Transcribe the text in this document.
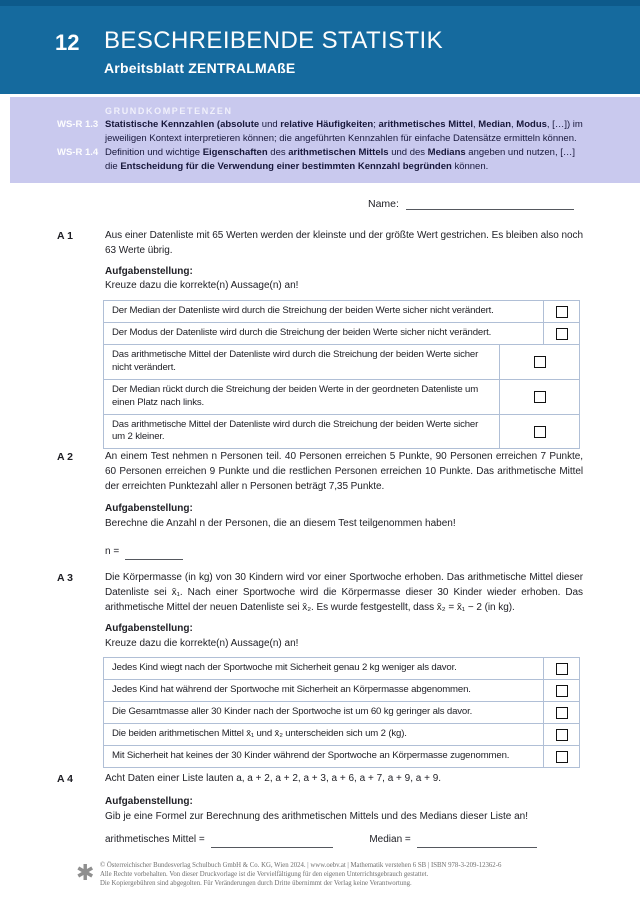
12 BESCHREIBENDE STATISTIK
Arbeitsblatt ZENTRALMAßE
GRUNDKOMPETENZEN
WS-R 1.3 Statistische Kennzahlen (absolute und relative Häufigkeiten; arithmetisches Mittel, Median, Modus, […]) im jeweiligen Kontext interpretieren können; die angeführten Kennzahlen für einfache Datensätze ermitteln können.
WS-R 1.4 Definition und wichtige Eigenschaften des arithmetischen Mittels und des Medians angeben und nutzen, […] die Entscheidung für die Verwendung einer bestimmten Kennzahl begründen können.
Name:
A 1	Aus einer Datenliste mit 65 Werten werden der kleinste und der größte Wert gestrichen. Es bleiben also noch 63 Werte übrig.
Aufgabenstellung:
Kreuze dazu die korrekte(n) Aussage(n) an!
Der Median der Datenliste wird durch die Streichung der beiden Werte sicher nicht verändert.
Der Modus der Datenliste wird durch die Streichung der beiden Werte sicher nicht verändert.
Das arithmetische Mittel der Datenliste wird durch die Streichung der beiden Werte sicher nicht verändert.
Der Median rückt durch die Streichung der beiden Werte in der geordneten Datenliste um einen Platz nach links.
Das arithmetische Mittel der Datenliste wird durch die Streichung der beiden Werte sicher um 2 kleiner.
A 2	An einem Test nehmen n Personen teil. 40 Personen erreichen 5 Punkte, 90 Personen erreichen 7 Punkte, 60 Personen erreichen 9 Punkte und die restlichen Personen erreichen 10 Punkte. Das arithmetische Mittel der erreichten Punktezahl aller n Personen beträgt 7,35 Punkte.
Aufgabenstellung:
Berechne die Anzahl n der Personen, die an diesem Test teilgenommen haben!
n =
A 3	Die Körpermasse (in kg) von 30 Kindern wird vor einer Sportwoche erhoben. Das arithmetische Mittel dieser Datenliste sei x̄₁. Nach einer Sportwoche wird die Körpermasse dieser 30 Kinder wieder erhoben. Das arithmetische Mittel der neuen Datenliste sei x̄₂. Es wurde festgestellt, dass x̄₂ = x̄₁ − 2 (in kg).
Aufgabenstellung:
Kreuze dazu die korrekte(n) Aussage(n) an!
Jedes Kind wiegt nach der Sportwoche mit Sicherheit genau 2 kg weniger als davor.
Jedes Kind hat während der Sportwoche mit Sicherheit an Körpermasse abgenommen.
Die Gesamtmasse aller 30 Kinder nach der Sportwoche ist um 60 kg geringer als davor.
Die beiden arithmetischen Mittel x̄₁ und x̄₂ unterscheiden sich um 2 (kg).
Mit Sicherheit hat keines der 30 Kinder während der Sportwoche an Körpermasse zugenommen.
A 4	Acht Daten einer Liste lauten a, a + 2, a + 2, a + 3, a + 6, a + 7, a + 9, a + 9.
Aufgabenstellung:
Gib je eine Formel zur Berechnung des arithmetischen Mittels und des Medians dieser Liste an!
arithmetisches Mittel =	Median =
✱ © Österreichischer Bundesverlag Schulbuch GmbH & Co. KG, Wien 2024. | www.oebv.at | Mathematik verstehen 6 SB | ISBN 978-3-209-12362-6
Alle Rechte vorbehalten. Von dieser Druckvorlage ist die Vervielfältigung für den eigenen Unterrichtsgebrauch gestattet.
Die Kopiergebühren sind abgegolten. Für Veränderungen durch Dritte übernimmt der Verlag keine Verantwortung.
